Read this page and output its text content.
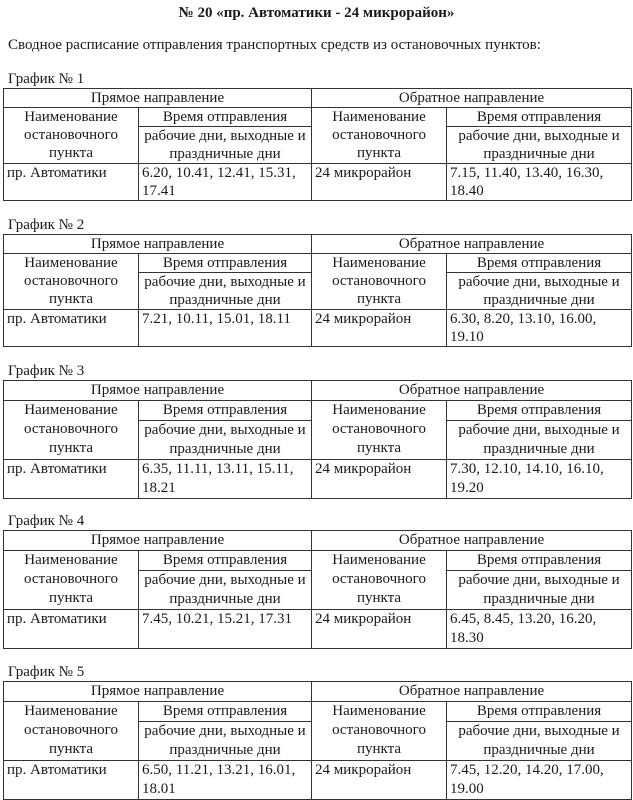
№ 20 «пр. Автоматики - 24 микрорайон»
Сводное расписание отправления транспортных средств из остановочных пунктов:
График № 1
Прямое направление		Обратное направление	
Наименование остановочного пункта	Время отправления	Наименование остановочного пункта	Время отправления
	рабочие дни, выходные и праздничные дни		рабочие дни, выходные и праздничные дни
пр. Автоматики	6.20, 10.41, 12.41, 15.31, 17.41	24 микрорайон	7.15, 11.40, 13.40, 16.30, 18.40
График № 2
Прямое направление		Обратное направление	
Наименование остановочного пункта	Время отправления	Наименование остановочного пункта	Время отправления
	рабочие дни, выходные и праздничные дни		рабочие дни, выходные и праздничные дни
пр. Автоматики	7.21, 10.11, 15.01, 18.11	24 микрорайон	6.30, 8.20, 13.10, 16.00, 19.10
График № 3
Прямое направление		Обратное направление	
Наименование остановочного пункта	Время отправления	Наименование остановочного пункта	Время отправления
	рабочие дни, выходные и праздничные дни		рабочие дни, выходные и праздничные дни
пр. Автоматики	6.35, 11.11, 13.11, 15.11, 18.21	24 микрорайон	7.30, 12.10, 14.10, 16.10, 19.20
График № 4
Прямое направление		Обратное направление	
Наименование остановочного пункта	Время отправления	Наименование остановочного пункта	Время отправления
	рабочие дни, выходные и праздничные дни		рабочие дни, выходные и праздничные дни
пр. Автоматики	7.45, 10.21, 15.21, 17.31	24 микрорайон	6.45, 8.45, 13.20, 16.20, 18.30
График № 5
Прямое направление		Обратное направление	
Наименование остановочного пункта	Время отправления	Наименование остановочного пункта	Время отправления
	рабочие дни, выходные и праздничные дни		рабочие дни, выходные и праздничные дни
пр. Автоматики	6.50, 11.21, 13.21, 16.01, 18.01	24 микрорайон	7.45, 12.20, 14.20, 17.00, 19.00
